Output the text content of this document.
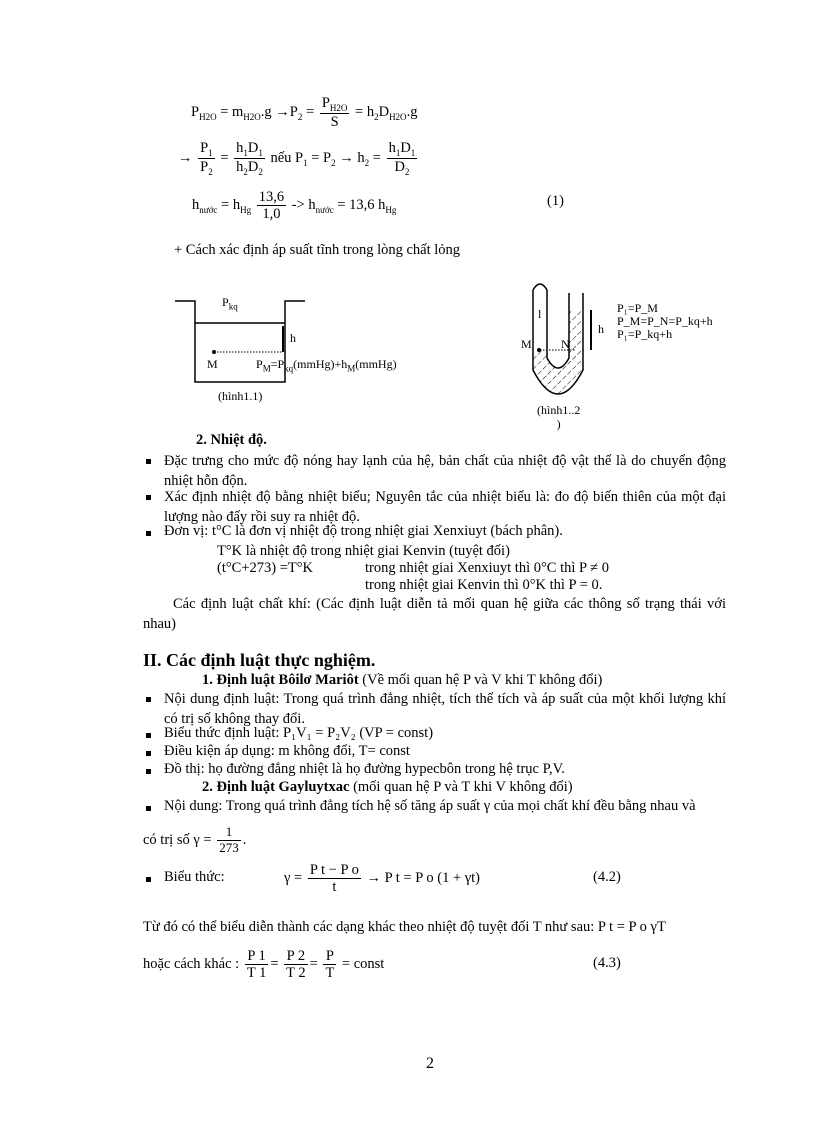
$P_{H2O} = m_{H2O}.g \to P_2 = \frac{P_{H2O}}{S} = h_2D_{H2O}.g$
→ $\frac{P_1}{P_2} = \frac{h_1D_1}{h_2D_2}$ nếu $P_1 = P_2 \to h_2 = \frac{h_1D_1}{D_2}$
$h_{nước} = h_{Hg} \frac{13,6}{1,0} -> h_{nước} = 13,6$ $h_{Hg}$
(1)
+ Cách xác định áp suất tĩnh trong lòng chất lỏng
$P_{kq}$
h
M	$P_M=P_{kq}(mmHg)+h_M(mmHg)$
(hình1.1)
l
M N
h
P₁=P_M
P_M=P_N=P_kq+h
P₁=P_kq+h
(hình1..2
)
2. Nhiệt độ.
Đặc trưng cho mức độ nóng hay lạnh của hệ, bản chất của nhiệt độ vật thể là do chuyển động nhiệt hỗn độn.
Xác định nhiệt độ bằng nhiệt biểu; Nguyên tắc của nhiệt biểu là: đo độ biến thiên của một đại lượng nào đấy rồi suy ra nhiệt độ.
Đơn vị: t°C là đơn vị nhiệt độ trong nhiệt giai Xenxiuyt (bách phân).
T°K là nhiệt độ trong nhiệt giai Kenvin (tuyệt đối)
(t°C+273) =T°K	trong nhiệt giai Xenxiuyt thì 0°C thì P ≠ 0
trong nhiệt giai Kenvin thì 0°K thì P = 0.
Các định luật chất khí: (Các định luật diễn tả mối quan hệ giữa các thông số trạng thái với nhau)
II. Các định luật thực nghiệm.
1. Định luật Bôilơ Mariôt (Về mối quan hệ P và V khi T không đổi)
Nội dung định luật: Trong quá trình đẳng nhiệt, tích thể tích và áp suất của một khối lượng khí có trị số không thay đổi.
Biểu thức định luật: P₁V₁ = P₂V₂ (VP = const)
Điều kiện áp dụng: m không đổi, T= const
Đồ thị: họ đường đẳng nhiệt là họ đường hypecbôn trong hệ trục P,V.
2. Định luật Gayluytxac (mối quan hệ P và T khi V không đổi)
Nội dung: Trong quá trình đẳng tích hệ số tăng áp suất γ của mọi chất khí đều bằng nhau và
có trị số $\gamma = \frac{1}{273}$ .
Biểu thức:	$\gamma = \frac{\text{P t − P o}}{t} \to P$ t = P o (1 + γt)	(4.2)
Từ đó có thể biểu diễn thành các dạng khác theo nhiệt độ tuyệt đối T như sau: P t = P o γT
hoặc cách khác : $\frac{P 1}{T 1} = \frac{P 2}{T 2} = \frac{P}{T}$ = const	(4.3)
2
